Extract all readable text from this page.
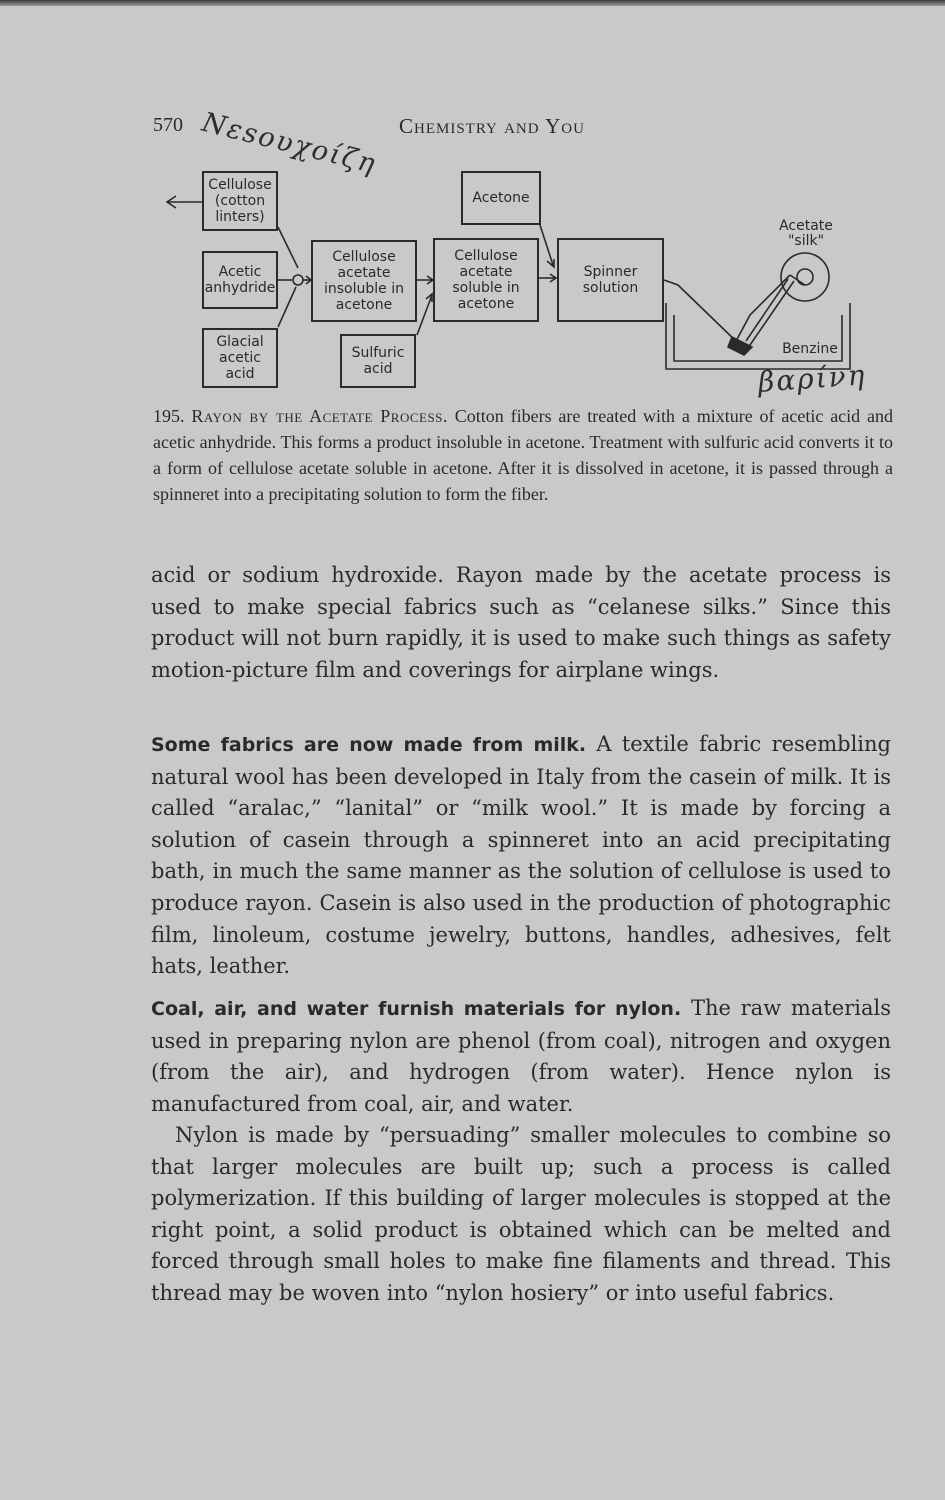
570	Chemistry and You
Nεsουχοίζη
Cellulose (cotton linters)
Acetic anhydride
Glacial acetic acid
Cellulose acetate insoluble in acetone
Sulfuric acid
Acetone
Cellulose acetate soluble in acetone
Spinner solution
Acetate "silk"
Benzine
βαρίνη
195. Rayon by the Acetate Process. Cotton fibers are treated with a mixture of acetic acid and acetic anhydride. This forms a product insoluble in acetone. Treatment with sulfuric acid converts it to a form of cellulose acetate soluble in acetone. After it is dissolved in acetone, it is passed through a spinneret into a precipitating solution to form the fiber.

acid or sodium hydroxide. Rayon made by the acetate process is used to make special fabrics such as “celanese silks.” Since this product will not burn rapidly, it is used to make such things as safety motion-picture film and coverings for airplane wings.

Some fabrics are now made from milk. A textile fabric resembling natural wool has been developed in Italy from the casein of milk. It is called “aralac,” “lanital” or “milk wool.” It is made by forcing a solution of casein through a spinneret into an acid precipitating bath, in much the same manner as the solution of cellulose is used to produce rayon. Casein is also used in the production of photographic film, linoleum, costume jewelry, buttons, handles, adhesives, felt hats, leather.

Coal, air, and water furnish materials for nylon. The raw materials used in preparing nylon are phenol (from coal), nitrogen and oxygen (from the air), and hydrogen (from water). Hence nylon is manufactured from coal, air, and water.

Nylon is made by “persuading” smaller molecules to combine so that larger molecules are built up; such a process is called polymerization. If this building of larger molecules is stopped at the right point, a solid product is obtained which can be melted and forced through small holes to make fine filaments and thread. This thread may be woven into “nylon hosiery” or into useful fabrics.
